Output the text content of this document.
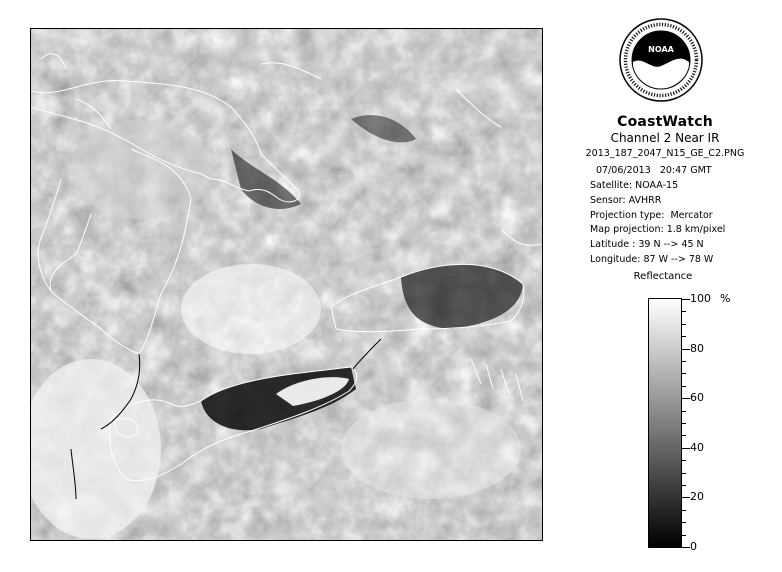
NOAA
CoastWatch
Channel 2 Near IR
2013_187_2047_N15_GE_C2.PNG
07/06/2013   20:47 GMT
Satellite: NOAA-15
Sensor: AVHRR
Projection type:  Mercator
Map projection: 1.8 km/pixel
Latitude : 39 N --> 45 N
Longitude: 87 W --> 78 W
Reflectance
%
100
80
60
40
20
0
